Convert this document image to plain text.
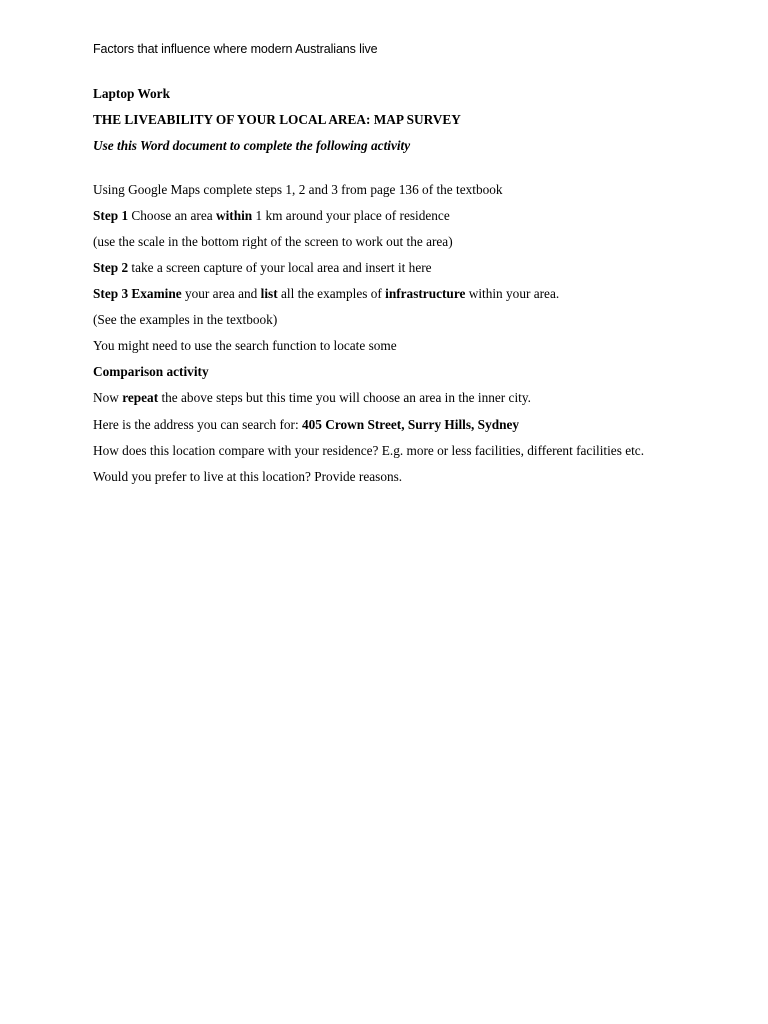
Factors that influence where modern Australians live

Laptop Work

THE LIVEABILITY OF YOUR LOCAL AREA: MAP SURVEY

Use this Word document to complete the following activity

Using Google Maps complete steps 1, 2 and 3 from page 136 of the textbook

Step 1 Choose an area within 1 km around your place of residence

(use the scale in the bottom right of the screen to work out the area)

Step 2 take a screen capture of your local area and insert it here

Step 3 Examine your area and list all the examples of infrastructure within your area.

(See the examples in the textbook)

You might need to use the search function to locate some

Comparison activity

Now repeat the above steps but this time you will choose an area in the inner city.

Here is the address you can search for: 405 Crown Street, Surry Hills, Sydney

How does this location compare with your residence? E.g. more or less facilities, different facilities etc.

Would you prefer to live at this location? Provide reasons.
